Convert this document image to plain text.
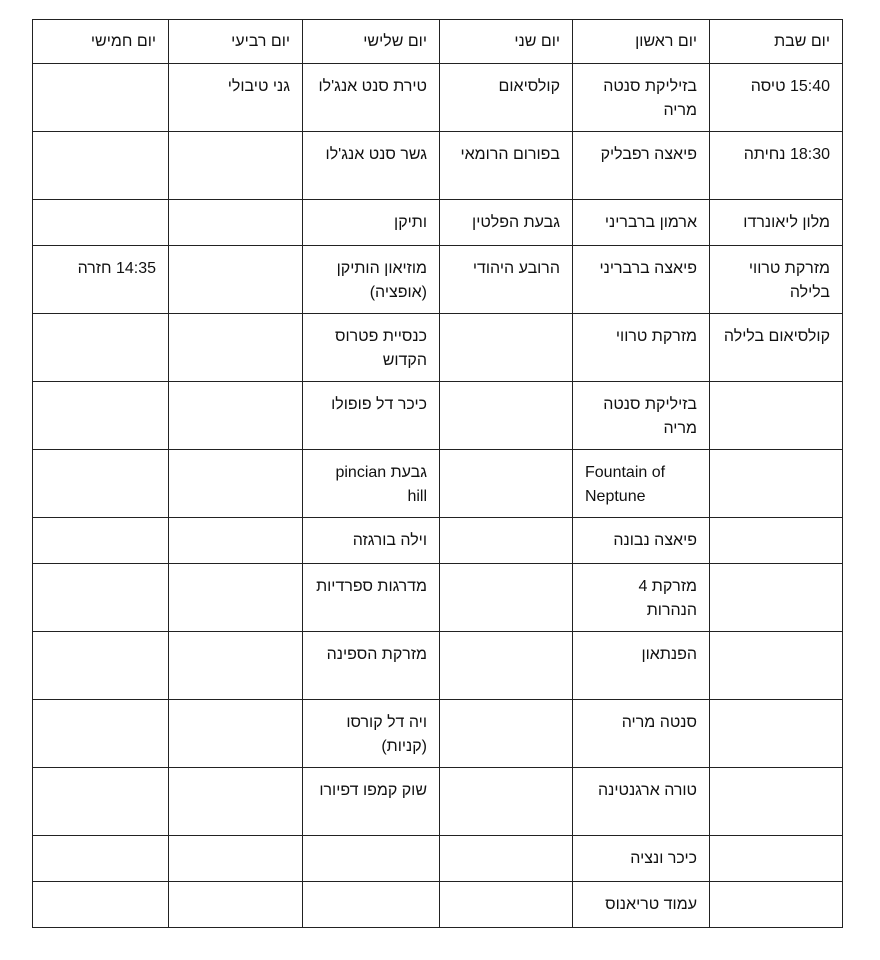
יום שבת	יום ראשון	יום שני	יום שלישי	יום רביעי	יום חמישי
15:40 טיסה	בזיליקת סנטה מריה	קולסיאום	טירת סנט אנג'לו	גני טיבולי	
18:30 נחיתה	פיאצה רפבליק	בפורום הרומאי	גשר סנט אנג'לו		
מלון ליאונרדו	ארמון ברבריני	גבעת הפלטין	ותיקן		
מזרקת טרווי בלילה	פיאצה ברבריני	הרובע היהודי	מוזיאון הותיקן (אופציה)		14:35 חזרה
קולסיאום בלילה	מזרקת טרווי		כנסיית פטרוס הקדוש		
	בזיליקת סנטה מריה		כיכר דל פופולו		
	Fountain of Neptune		גבעת pincian hill		
	פיאצה נבונה		וילה בורגזה		
	מזרקת 4 הנהרות		מדרגות ספרדיות		
	הפנתאון		מזרקת הספינה		
	סנטה מריה		ויה דל קורסו (קניות)		
	טורה ארגנטינה		שוק קמפו דפיורו		
	כיכר ונציה				
	עמוד טריאנוס				
